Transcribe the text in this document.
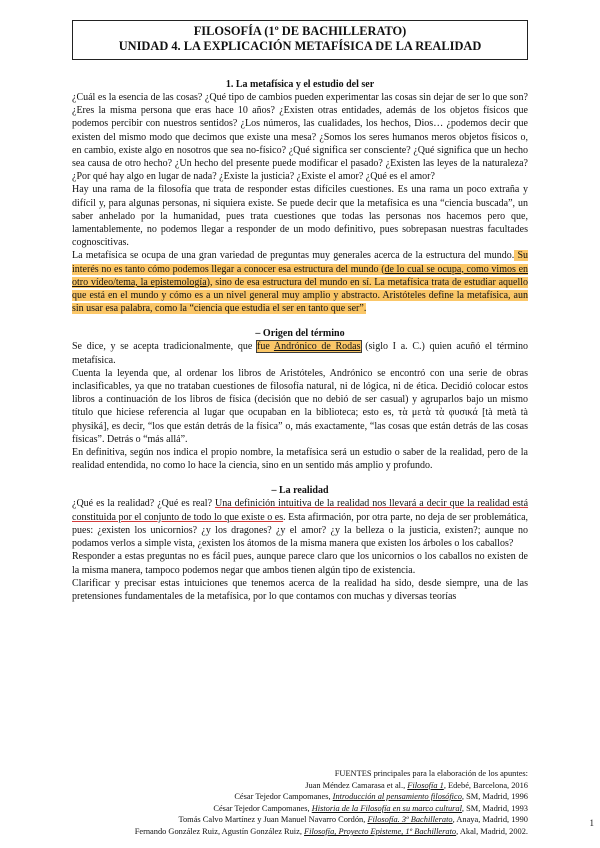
FILOSOFÍA (1º DE BACHILLERATO)
UNIDAD 4. LA EXPLICACIÓN METAFÍSICA DE LA REALIDAD
1. La metafísica y el estudio del ser

¿Cuál es la esencia de las cosas? ¿Qué tipo de cambios pueden experimentar las cosas sin dejar de ser lo que son? ¿Eres la misma persona que eras hace 10 años? ¿Existen otras entidades, además de los objetos físicos que podemos percibir con nuestros sentidos? ¿Los números, las cualidades, los hechos, Dios… ¿podemos decir que existen del mismo modo que decimos que existe una mesa? ¿Somos los seres humanos meros objetos físicos o, en cambio, existe algo en nosotros que sea no-físico? ¿Qué significa ser consciente? ¿Qué significa que un hecho sea causa de otro hecho? ¿Un hecho del presente puede modificar el pasado? ¿Existen las leyes de la naturaleza? ¿Por qué hay algo en lugar de nada? ¿Existe la justicia? ¿Existe el amor? ¿Qué es el amor?

Hay una rama de la filosofía que trata de responder estas difíciles cuestiones. Es una rama un poco extraña y difícil y, para algunas personas, ni siquiera existe. Se puede decir que la metafísica es una “ciencia buscada”, un saber anhelado por la humanidad, pues trata cuestiones que todas las personas nos hacemos pero que, lamentablemente, no podemos llegar a responder de un modo definitivo, pues sobrepasan nuestras facultades cognoscitivas.

La metafísica se ocupa de una gran variedad de preguntas muy generales acerca de la estructura del mundo. Su interés no es tanto cómo podemos llegar a conocer esa estructura del mundo (de lo cual se ocupa, como vimos en otro vídeo/tema, la epistemología), sino de esa estructura del mundo en sí. La metafísica trata de estudiar aquello que está en el mundo y cómo es a un nivel general muy amplio y abstracto. Aristóteles define la metafísica, aun sin usar esa palabra, como la “ciencia que estudia el ser en tanto que ser”.

– Origen del término

Se dice, y se acepta tradicionalmente, que fue Andrónico de Rodas (siglo I a. C.) quien acuñó el término metafísica.

Cuenta la leyenda que, al ordenar los libros de Aristóteles, Andrónico se encontró con una serie de obras inclasificables, ya que no trataban cuestiones de filosofía natural, ni de lógica, ni de ética. Decidió colocar estos libros a continuación de los libros de física (decisión que no debió de ser casual) y agruparlos bajo un mismo título que hiciese referencia al lugar que ocupaban en la biblioteca; esto es, τὰ μετὰ τὰ φυσικά [tà metà tà physiká], es decir, “los que están detrás de la física” o, más exactamente, “las cosas que están detrás de las cosas físicas”. Detrás o “más allá”.

En definitiva, según nos indica el propio nombre, la metafísica será un estudio o saber de la realidad, pero de la realidad entendida, no como lo hace la ciencia, sino en un sentido más amplio y profundo.

– La realidad

¿Qué es la realidad? ¿Qué es real? Una definición intuitiva de la realidad nos llevará a decir que la realidad está constituida por el conjunto de todo lo que existe o es. Esta afirmación, por otra parte, no deja de ser problemática, pues: ¿existen los unicornios? ¿y los dragones? ¿y el amor? ¿y la belleza o la justicia, existen?; aunque no podamos verlos a simple vista, ¿existen los átomos de la misma manera que existen los árboles o los caballos?

Responder a estas preguntas no es fácil pues, aunque parece claro que los unicornios o los caballos no existen de la misma manera, tampoco podemos negar que ambos tienen algún tipo de existencia.

Clarificar y precisar estas intuiciones que tenemos acerca de la realidad ha sido, desde siempre, una de las pretensiones fundamentales de la metafísica, por lo que contamos con muchas y diversas teorías

FUENTES principales para la elaboración de los apuntes:
Juan Méndez Camarasa et al., Filosofía 1, Edebé, Barcelona, 2016
César Tejedor Campomanes, Introducción al pensamiento filosófico, SM, Madrid, 1996
César Tejedor Campomanes, Historia de la Filosofía en su marco cultural, SM, Madrid, 1993
Tomás Calvo Martínez y Juan Manuel Navarro Cordón, Filosofía. 3º Bachillerato, Anaya, Madrid, 1990
Fernando González Ruiz, Agustín González Ruiz, Filosofía, Proyecto Episteme, 1º Bachillerato, Akal, Madrid, 2002.
1
